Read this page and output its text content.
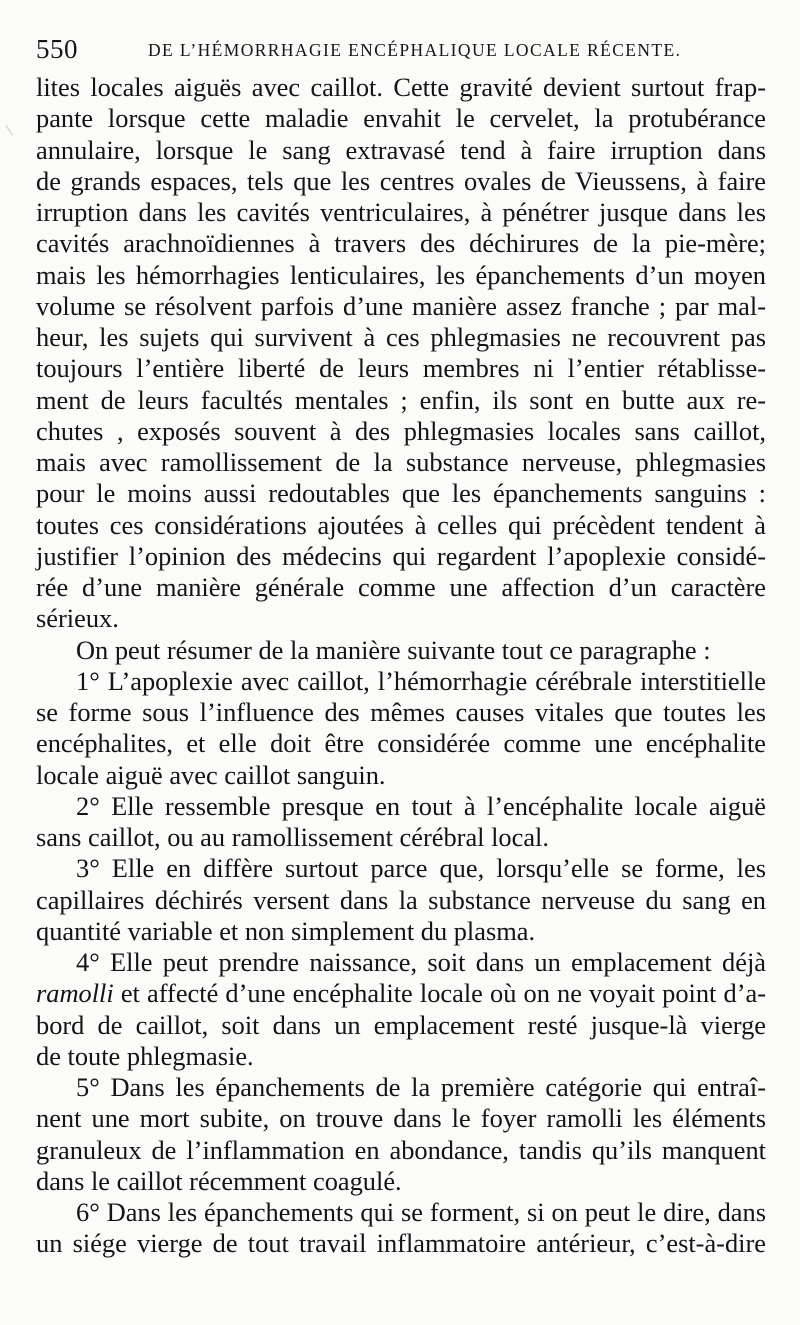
550	DE L’HÉMORRHAGIE ENCÉPHALIQUE LOCALE RÉCENTE.
lites locales aiguës avec caillot. Cette gravité devient surtout frap-
pante lorsque cette maladie envahit le cervelet, la protubérance
annulaire, lorsque le sang extravasé tend à faire irruption dans
de grands espaces, tels que les centres ovales de Vieussens, à faire
irruption dans les cavités ventriculaires, à pénétrer jusque dans les
cavités arachnoïdiennes à travers des déchirures de la pie-mère;
mais les hémorrhagies lenticulaires, les épanchements d’un moyen
volume se résolvent parfois d’une manière assez franche ; par mal-
heur, les sujets qui survivent à ces phlegmasies ne recouvrent pas
toujours l’entière liberté de leurs membres ni l’entier rétablisse-
ment de leurs facultés mentales ; enfin, ils sont en butte aux re-
chutes , exposés souvent à des phlegmasies locales sans caillot,
mais avec ramollissement de la substance nerveuse, phlegmasies
pour le moins aussi redoutables que les épanchements sanguins :
toutes ces considérations ajoutées à celles qui précèdent tendent à
justifier l’opinion des médecins qui regardent l’apoplexie considé-
rée d’une manière générale comme une affection d’un caractère
sérieux.
On peut résumer de la manière suivante tout ce paragraphe :
1° L’apoplexie avec caillot, l’hémorrhagie cérébrale interstitielle
se forme sous l’influence des mêmes causes vitales que toutes les
encéphalites, et elle doit être considérée comme une encéphalite
locale aiguë avec caillot sanguin.
2° Elle ressemble presque en tout à l’encéphalite locale aiguë
sans caillot, ou au ramollissement cérébral local.
3° Elle en diffère surtout parce que, lorsqu’elle se forme, les
capillaires déchirés versent dans la substance nerveuse du sang en
quantité variable et non simplement du plasma.
4° Elle peut prendre naissance, soit dans un emplacement déjà
ramolli et affecté d’une encéphalite locale où on ne voyait point d’a-
bord de caillot, soit dans un emplacement resté jusque-là vierge
de toute phlegmasie.
5° Dans les épanchements de la première catégorie qui entraî-
nent une mort subite, on trouve dans le foyer ramolli les éléments
granuleux de l’inflammation en abondance, tandis qu’ils manquent
dans le caillot récemment coagulé.
6° Dans les épanchements qui se forment, si on peut le dire, dans
un siége vierge de tout travail inflammatoire antérieur, c’est-à-dire
